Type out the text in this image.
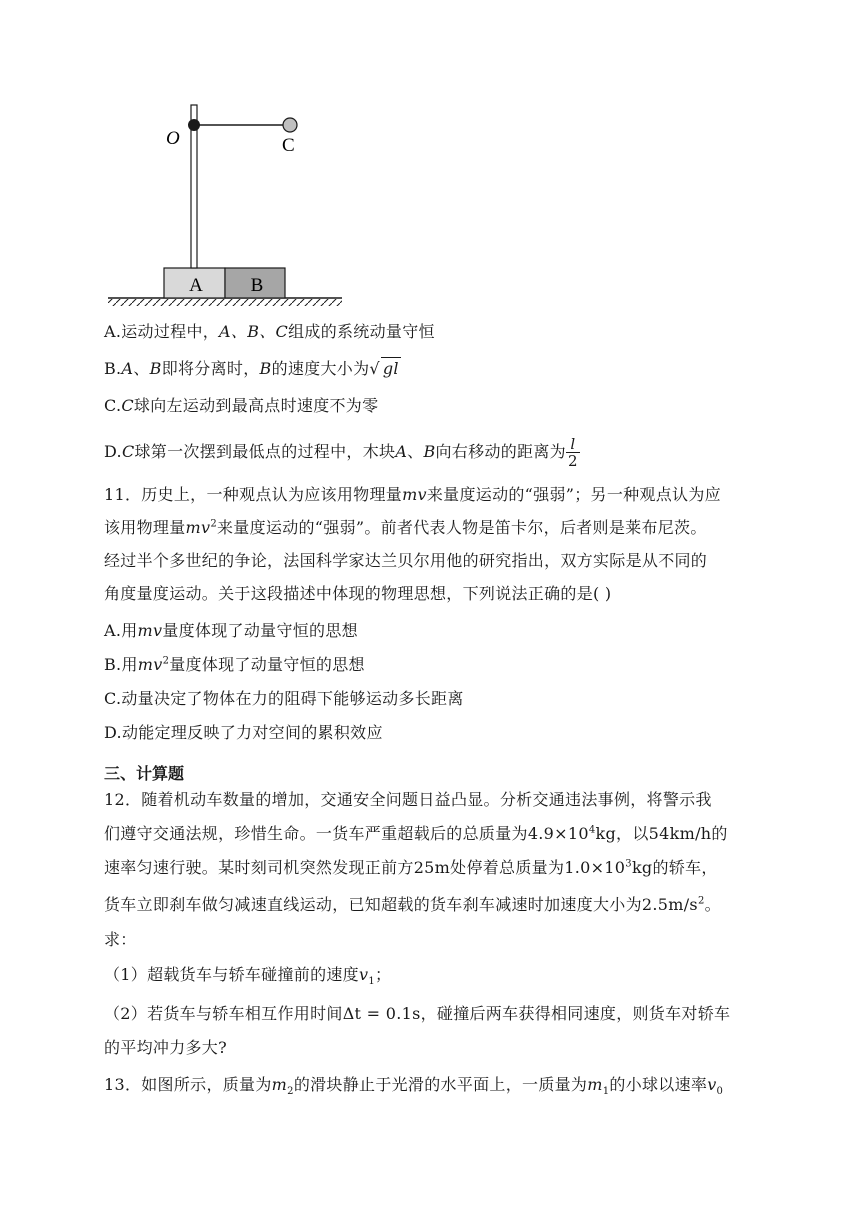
A	B
O	C
A.运动过程中，A、B、C组成的系统动量守恒
B.A、B即将分离时，B的速度大小为√ gl
C.C球向左运动到最高点时速度不为零
D.C球第一次摆到最低点的过程中，木块A、B向右移动的距离为 $\frac{l}{2}$
11．历史上，一种观点认为应该用物理量mv来量度运动的“强弱”；另一种观点认为应
该用物理量$mv^2$来量度运动的“强弱”。前者代表人物是笛卡尔，后者则是莱布尼茨。
经过半个多世纪的争论，法国科学家达兰贝尔用他的研究指出，双方实际是从不同的
角度量度运动。关于这段描述中体现的物理思想，下列说法正确的是( )
A.用mv量度体现了动量守恒的思想
B.用$mv^2$量度体现了动量守恒的思想
C.动量决定了物体在力的阻碍下能够运动多长距离
D.动能定理反映了力对空间的累积效应
三、计算题
12．随着机动车数量的增加，交通安全问题日益凸显。分析交通违法事例，将警示我
们遵守交通法规，珍惜生命。一货车严重超载后的总质量为$4.9\times 10^4kg$，以54km/h的
速率匀速行驶。某时刻司机突然发现正前方25m处停着总质量为$1.0\times 10^3kg$的轿车，
货车立即刹车做匀减速直线运动，已知超载的货车刹车减速时加速度大小为$2.5m/s^2$。
求：
（1）超载货车与轿车碰撞前的速度$v_1$；
（2）若货车与轿车相互作用时间Δt = 0.1s，碰撞后两车获得相同速度，则货车对轿车
的平均冲力多大?
13．如图所示，质量为$m_2$的滑块静止于光滑的水平面上，一质量为$m_1$的小球以速率$v_0$
